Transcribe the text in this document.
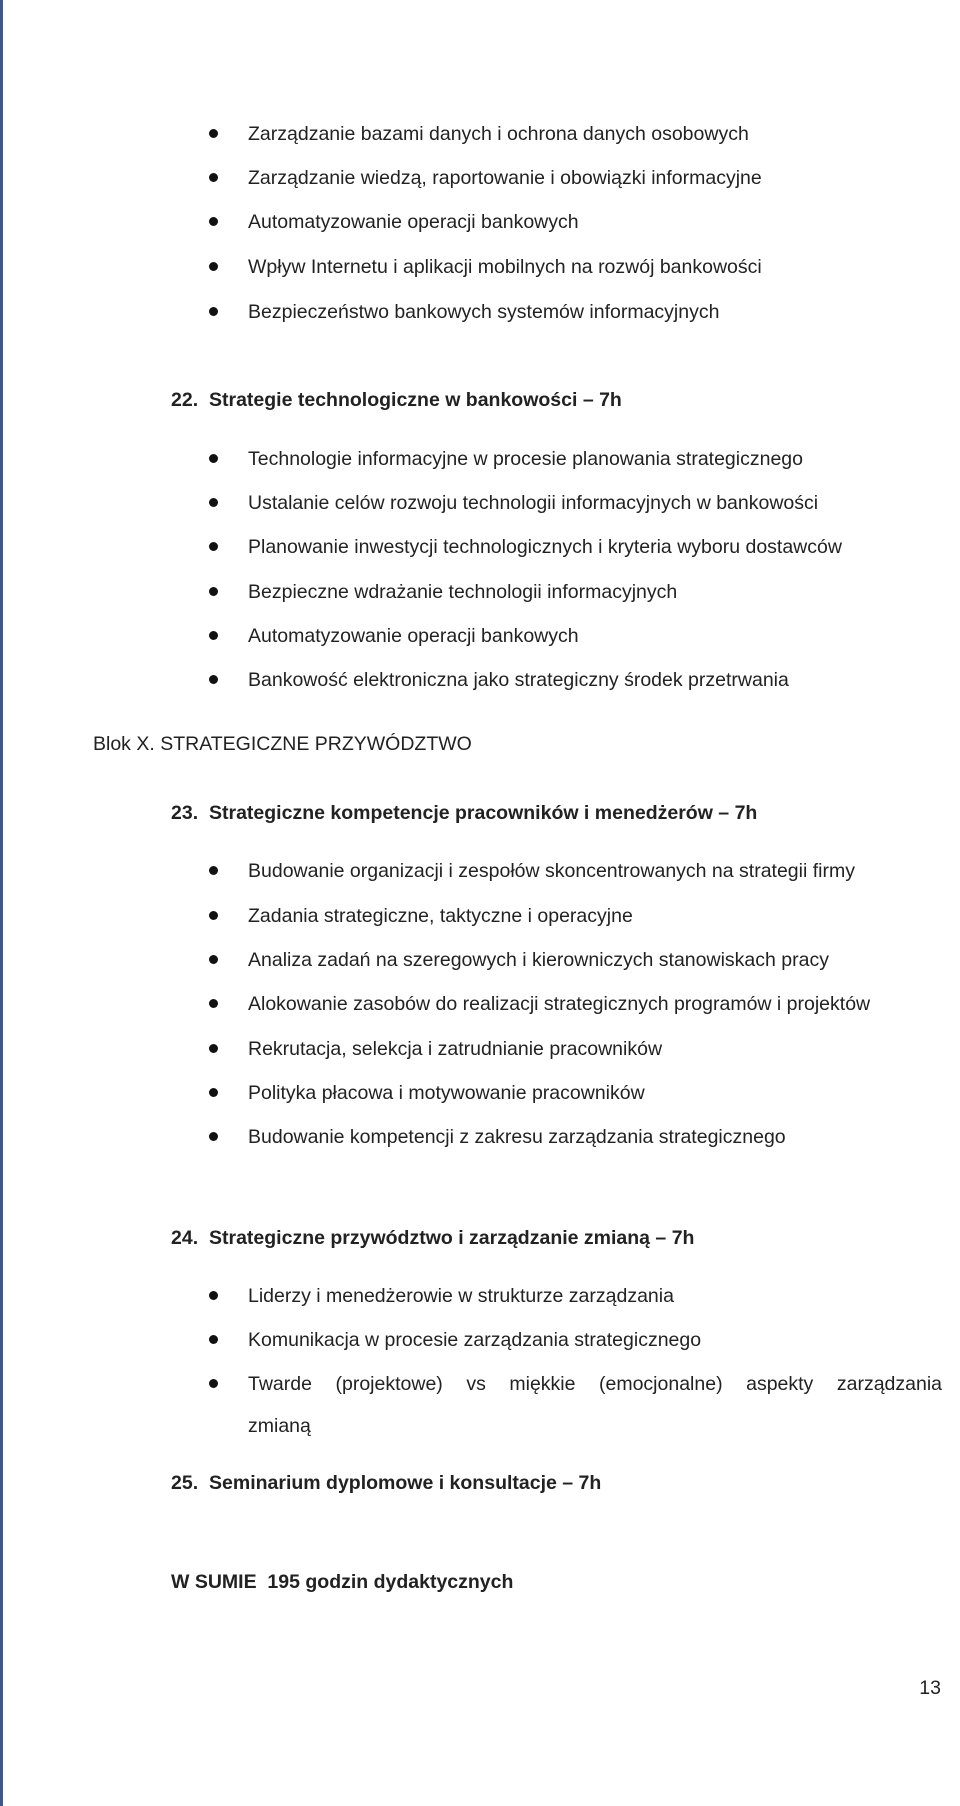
Zarządzanie bazami danych i ochrona danych osobowych
Zarządzanie wiedzą, raportowanie i obowiązki informacyjne
Automatyzowanie operacji bankowych
Wpływ Internetu i aplikacji mobilnych na rozwój bankowości
Bezpieczeństwo bankowych systemów informacyjnych
22. Strategie technologiczne w bankowości – 7h
Technologie informacyjne w procesie planowania strategicznego
Ustalanie celów rozwoju technologii informacyjnych w bankowości
Planowanie inwestycji technologicznych i kryteria wyboru dostawców
Bezpieczne wdrażanie technologii informacyjnych
Automatyzowanie operacji bankowych
Bankowość elektroniczna jako strategiczny środek przetrwania
Blok X. STRATEGICZNE PRZYWÓDZTWO
23. Strategiczne kompetencje pracowników i menedżerów – 7h
Budowanie organizacji i zespołów skoncentrowanych na strategii firmy
Zadania strategiczne, taktyczne i operacyjne
Analiza zadań na szeregowych i kierowniczych stanowiskach pracy
Alokowanie zasobów do realizacji strategicznych programów i projektów
Rekrutacja, selekcja i zatrudnianie pracowników
Polityka płacowa i motywowanie pracowników
Budowanie kompetencji z zakresu zarządzania strategicznego
24. Strategiczne przywództwo i zarządzanie zmianą – 7h
Liderzy i menedżerowie w strukturze zarządzania
Komunikacja w procesie zarządzania strategicznego

Twarde (projektowe) vs miękkie (emocjonalne) aspekty zarządzania

zmianą
25. Seminarium dyplomowe i konsultacje – 7h
W SUMIE  195 godzin dydaktycznych
13
